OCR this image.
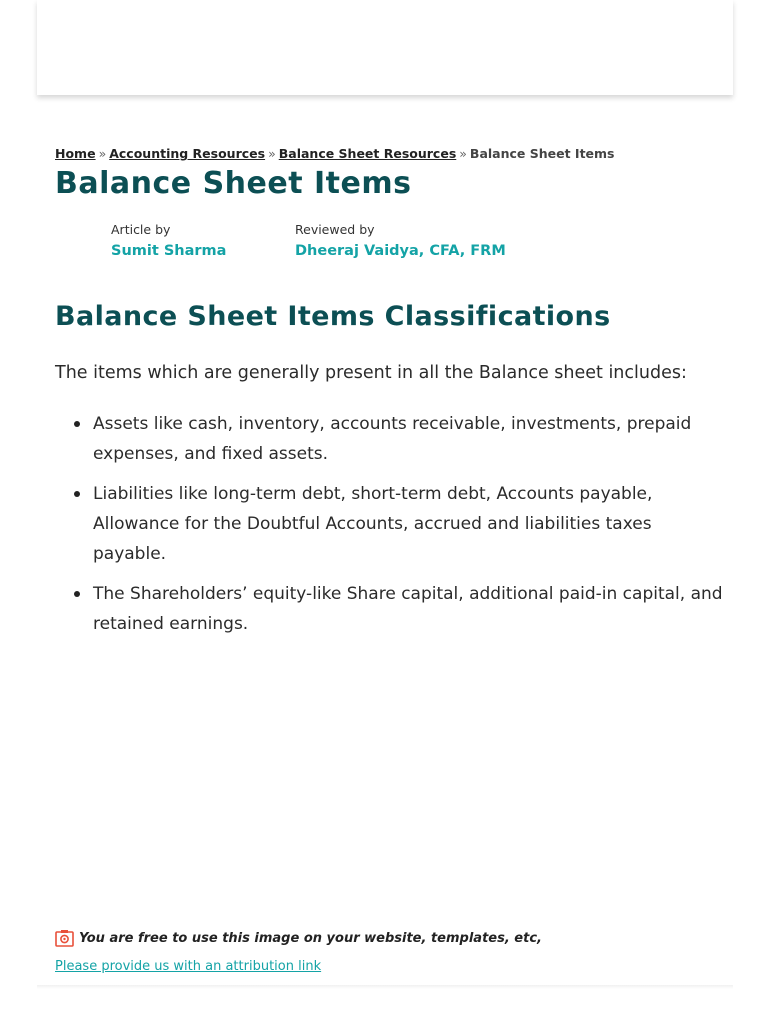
Home » Accounting Resources » Balance Sheet Resources » Balance Sheet Items
Balance Sheet Items
Article by
Sumit Sharma
Reviewed by
Dheeraj Vaidya, CFA, FRM
Balance Sheet Items Classifications

The items which are generally present in all the Balance sheet includes:

Assets like cash, inventory, accounts receivable, investments, prepaid expenses, and fixed assets.
Liabilities like long-term debt, short-term debt, Accounts payable, Allowance for the Doubtful Accounts, accrued and liabilities taxes payable.
The Shareholders’ equity-like Share capital, additional paid-in capital, and retained earnings.
You are free to use this image on your website, templates, etc,
Please provide us with an attribution link
